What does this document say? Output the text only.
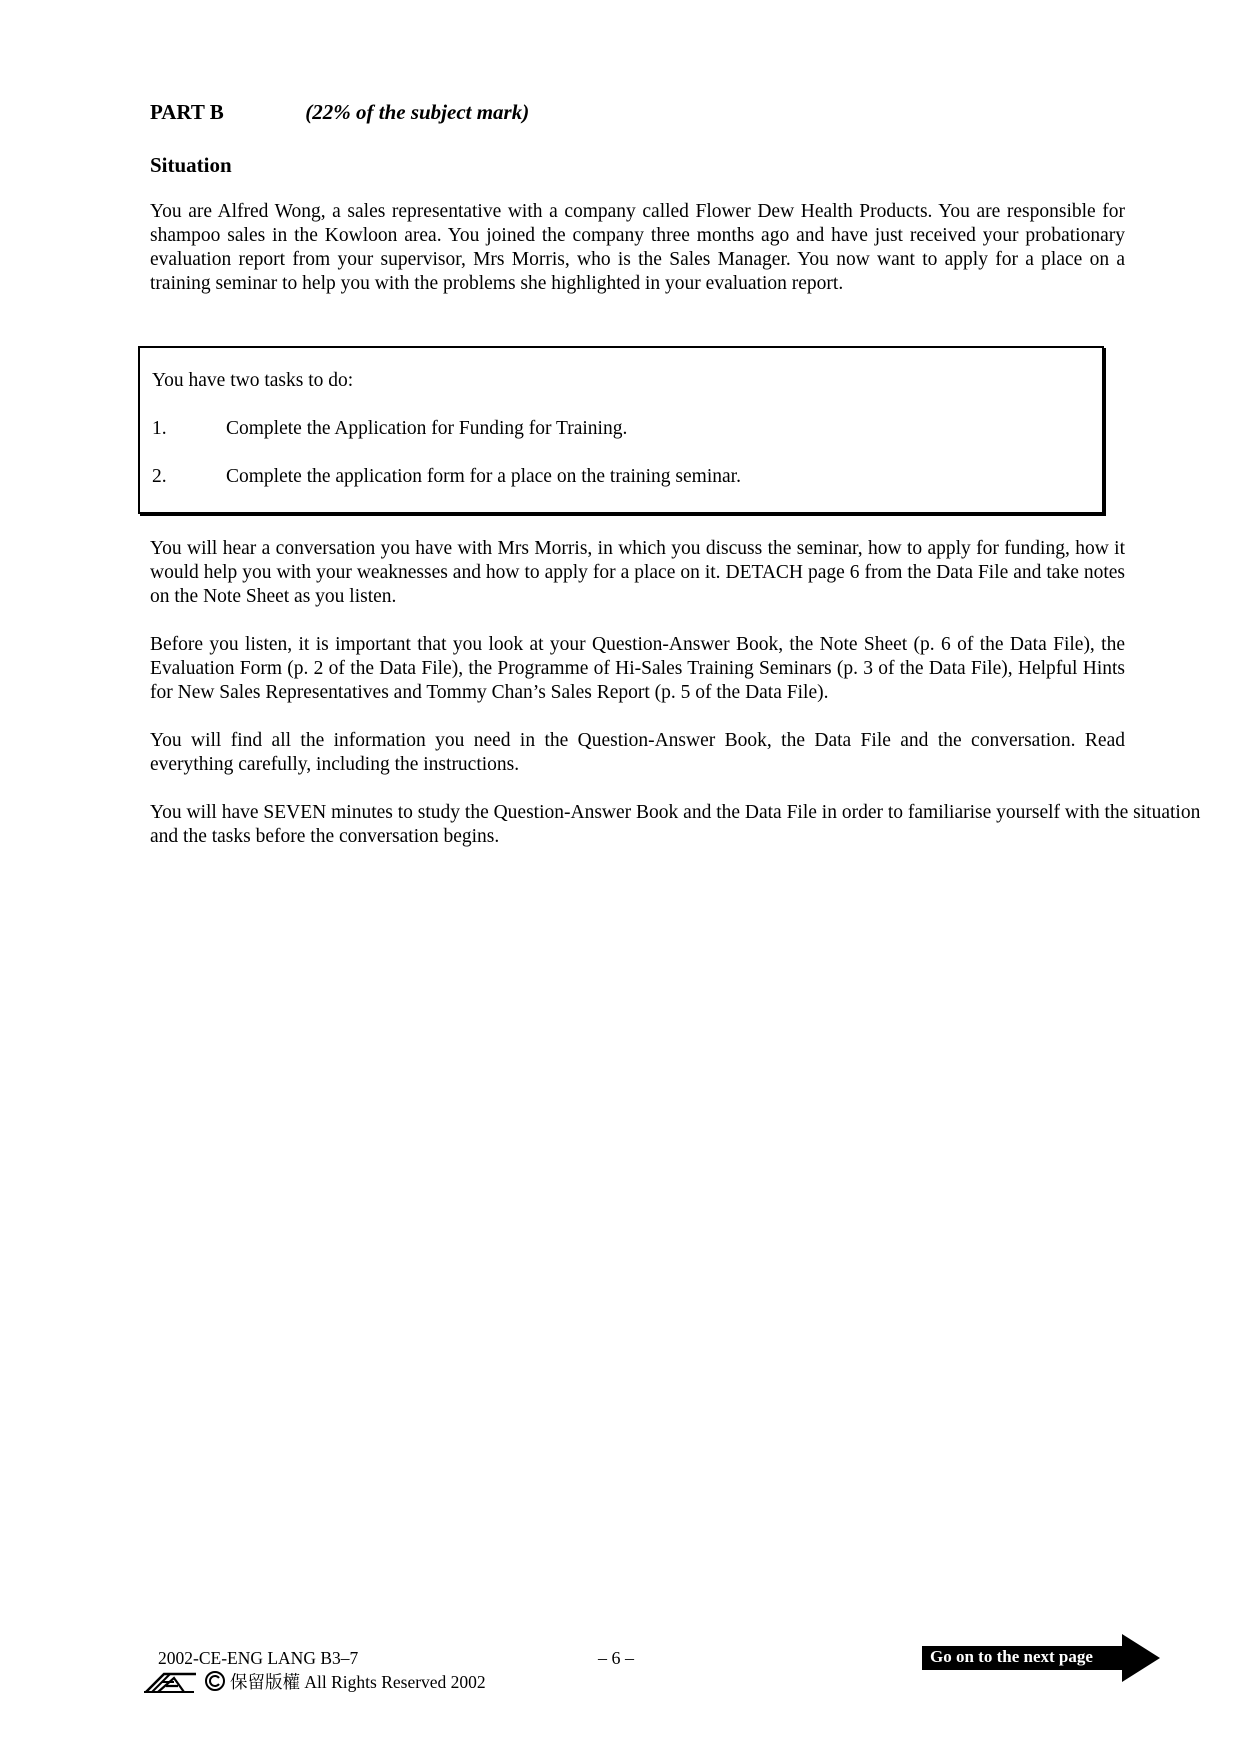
PART B	(22% of the subject mark)
Situation

You are Alfred Wong, a sales representative with a company called Flower Dew Health Products. You are responsible for shampoo sales in the Kowloon area. You joined the company three months ago and have just received your probationary evaluation report from your supervisor, Mrs Morris, who is the Sales Manager. You now want to apply for a place on a training seminar to help you with the problems she highlighted in your evaluation report.

You have two tasks to do:
1.	Complete the Application for Funding for Training.
2.	Complete the application form for a place on the training seminar.

You will hear a conversation you have with Mrs Morris, in which you discuss the seminar, how to apply for funding, how it would help you with your weaknesses and how to apply for a place on it. DETACH page 6 from the Data File and take notes on the Note Sheet as you listen.

Before you listen, it is important that you look at your Question-Answer Book, the Note Sheet (p. 6 of the Data File), the Evaluation Form (p. 2 of the Data File), the Programme of Hi-Sales Training Seminars (p. 3 of the Data File), Helpful Hints for New Sales Representatives and Tommy Chan’s Sales Report (p. 5 of the Data File).

You will find all the information you need in the Question-Answer Book, the Data File and the conversation. Read everything carefully, including the instructions.

You will have SEVEN minutes to study the Question-Answer Book and the Data File in order to familiarise yourself with the situation and the tasks before the conversation begins.

2002-CE-ENG LANG B3–7
保留版權 All Rights Reserved 2002
– 6 –	Go on to the next page
